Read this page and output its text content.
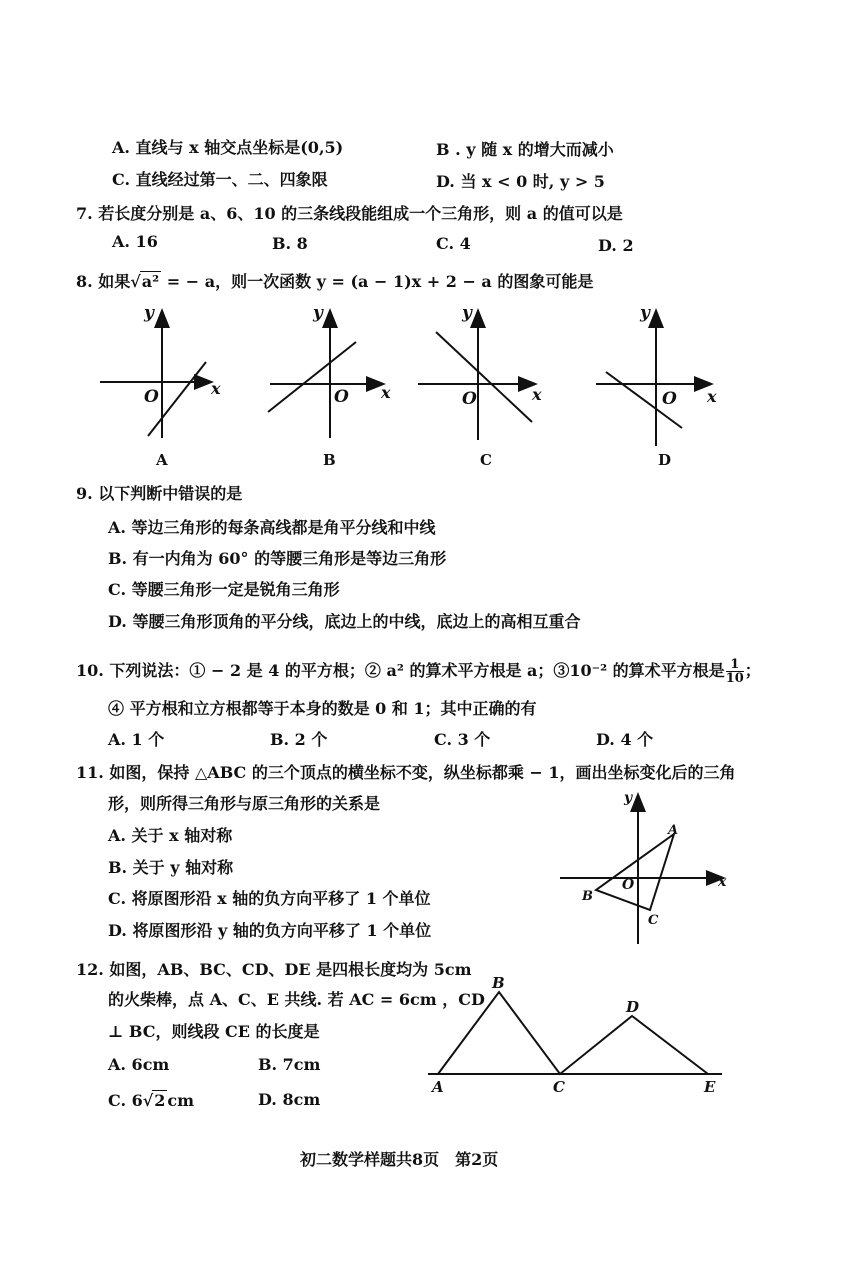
A. 直线与 x 轴交点坐标是(0,5)	B . y 随 x 的增大而减小
C. 直线经过第一、二、四象限	D. 当 x < 0 时, y > 5
7. 若长度分别是 a、6、10 的三条线段能组成一个三角形，则 a 的值可以是
A. 16	B. 8	C. 4	D. 2
8. 如果√a² = − a，则一次函数 y = (a − 1)x + 2 − a 的图象可能是
y
x
O
y
x
O
y
x
O
y
x
O
A	B	C	D
y
x
O
A
B
C
A
B
C
D
E
9. 以下判断中错误的是
A. 等边三角形的每条高线都是角平分线和中线
B. 有一内角为 60° 的等腰三角形是等边三角形
C. 等腰三角形一定是锐角三角形
D. 等腰三角形顶角的平分线，底边上的中线，底边上的高相互重合
10. 下列说法：① − 2 是 4 的平方根；② a² 的算术平方根是 a；③10⁻² 的算术平方根是 $\frac{1}{10}$ ；
④ 平方根和立方根都等于本身的数是 0 和 1；其中正确的有
A. 1 个	B. 2 个	C. 3 个	D. 4 个
11. 如图，保持 △ABC 的三个顶点的横坐标不变，纵坐标都乘 − 1，画出坐标变化后的三角
形，则所得三角形与原三角形的关系是
A. 关于 x 轴对称
B. 关于 y 轴对称
C. 将原图形沿 x 轴的负方向平移了 1 个单位
D. 将原图形沿 y 轴的负方向平移了 1 个单位
12. 如图，AB、BC、CD、DE 是四根长度均为 5cm
的火柴棒，点 A、C、E 共线. 若 AC = 6cm ，CD
⊥ BC，则线段 CE 的长度是
A. 6cm	B. 7cm
C. 6√2 cm	D. 8cm
初二数学样题共8页　第2页
